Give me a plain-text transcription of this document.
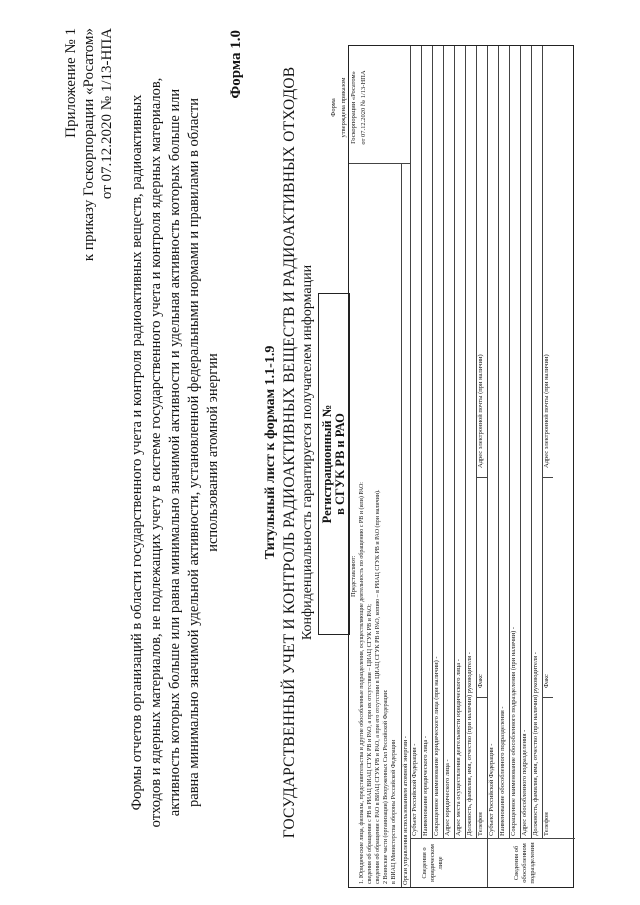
Приложение № 1 к приказу Госкорпорации «Росатом» от 07.12.2020 № 1/13-НПА Формы отчетов организаций в области государственного учета и контроля радиоактивных веществ, радиоактивных отходов и ядерных материалов, не подлежащих учету в системе государственного учета и контроля ядерных материалов, активность которых больше или равна минимально значимой активности и удельная активность которых больше или равна минимально значимой удельной активности, установленной федеральными нормами и правилами в области использования атомной энергии
Форма 1.0
Титульный лист к формам 1.1-1.9 ГОСУДАРСТВЕННЫЙ УЧЕТ И КОНТРОЛЬ РАДИОАКТИВНЫХ ВЕЩЕСТВ И РАДИОАКТИВНЫХ ОТХОДОВ Конфиденциальность гарантируется получателем информации Регистрационный № в СГУК РВ и РАО
Форма утверждена приказом Госкорпорации «Росатом» от 07.12.2020 № 1/13-НПА
Представляют: 1. Юридические лица, филиалы, представительства и другие обособленные подразделения, осуществляющие деятельность по обращению с РВ и (или) РАО: сведения об обращении с РВ в РИАЦ ВИАЦ СГУК РВ и РАО, а при их отсутствии – ЦИАЦ СГУК РВ и РАО; сведения об обращении с РАО в ВИАЦ СГУК РВ и РАО, а при его отсутствии в ЦИАЦ СГУК РВ и РАО, копию – в РИАЦ СГУК РВ и РАО (при наличии). 2 Воинские части (организации) Вооруженных Сил Российской Федерации: в ВИАЦ Министерства обороны Российской Федерации Орган управления использованием атомной энергии - Сведения о юридическом лице
Субъект Российской Федерации - Наименование юридического лица - Сокращенное наименование юридического лица (при наличии) - Адрес юридического лица - Адрес места осуществления деятельности юридического лица - Должность, фамилия, имя, отчество (при наличии) руководителя - Телефон
Факс
Адрес электронной почты (при наличии)
Субъект Российской Федерации - Наименование обособленного подразделения - Сокращенное наименование обособленного подразделения (при наличии) - Адрес обособленного подразделения - Должность, фамилия, имя, отчество (при наличии) руководителя - Телефон
Факс
Адрес электронной почты (при наличии)
Сведения об обособленном подразделении
